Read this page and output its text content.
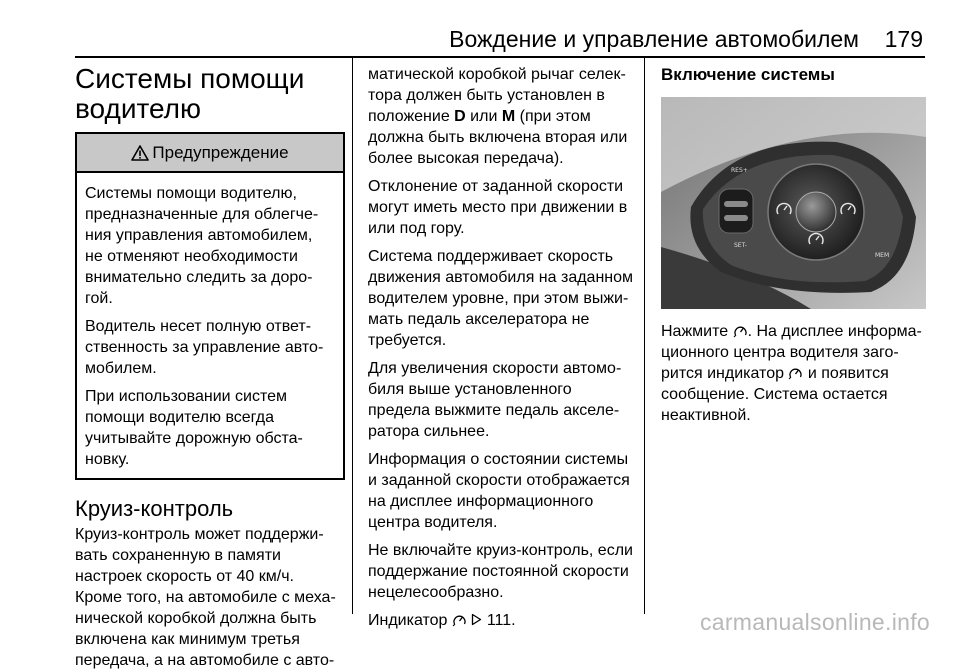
Вождение и управление автомобилем 179
Системы помощи
водителю
Предупреждение
Системы помощи водителю,
предназначенные для облегче-
ния управления автомобилем,
не отменяют необходимости
внимательно следить за доро-
гой.
Водитель несет полную ответ-
ственность за управление авто-
мобилем.
При использовании систем
помощи водителю всегда
учитывайте дорожную обста-
новку.
Круиз-контроль
Круиз-контроль может поддержи-
вать сохраненную в памяти
настроек скорость от 40 км/ч.
Кроме того, на автомобиле с меха-
нической коробкой должна быть
включена как минимум третья
передача, а на автомобиле с авто-
матической коробкой рычаг селек-
тора должен быть установлен в
положение D или M (при этом
должна быть включена вторая или
более высокая передача).
Отклонение от заданной скорости
могут иметь место при движении в
или под гору.
Система поддерживает скорость
движения автомобиля на заданном
водителем уровне, при этом выжи-
мать педаль акселератора не
требуется.
Для увеличения скорости автомо-
биля выше установленного
предела выжмите педаль акселе-
ратора сильнее.
Информация о состоянии системы
и заданной скорости отображается
на дисплее информационного
центра водителя.
Не включайте круиз-контроль, если
поддержание постоянной скорости
нецелесообразно.
Индикатор   111.
Включение системы
RES+
SET-
MEM
Нажмите . На дисплее информа-
ционного центра водителя заго-
рится индикатор  и появится
сообщение. Система остается
неактивной.
carmanualsonline.info
